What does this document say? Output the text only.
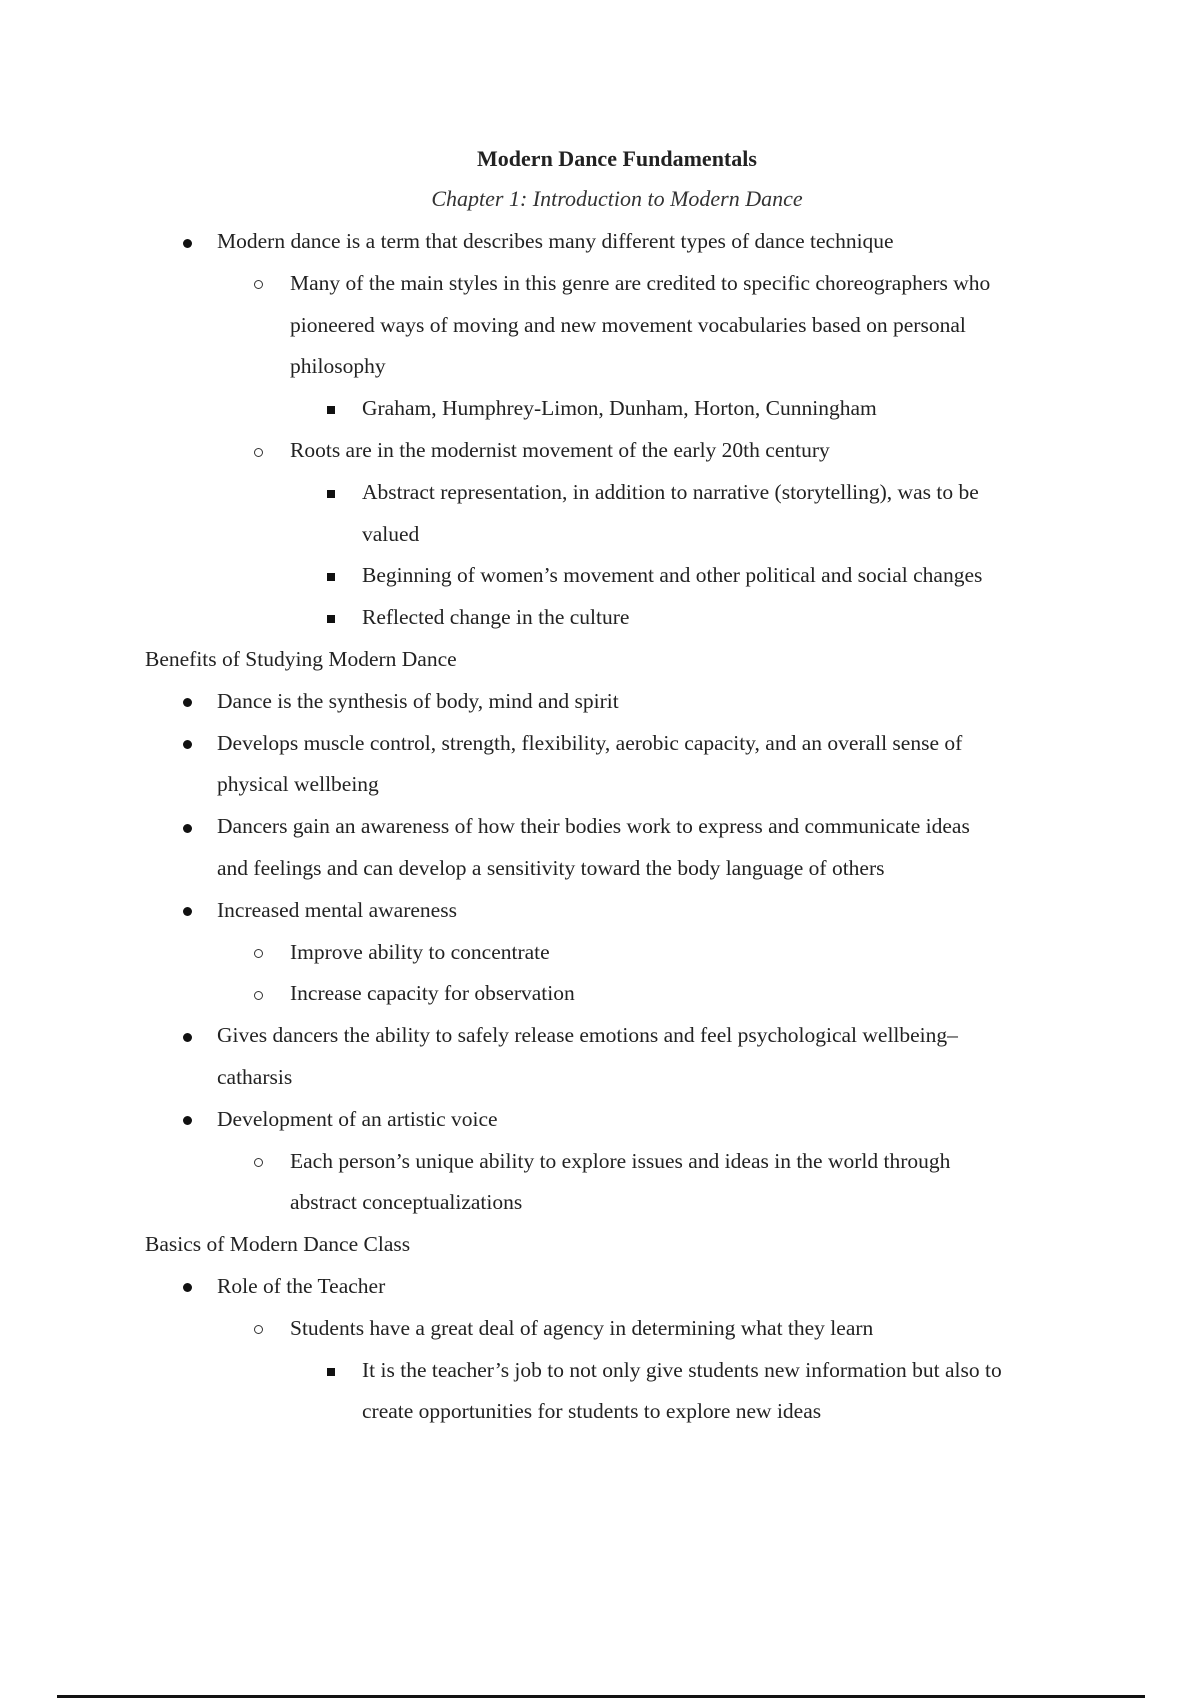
Modern Dance Fundamentals
Chapter 1: Introduction to Modern Dance
Modern dance is a term that describes many different types of dance technique
Many of the main styles in this genre are credited to specific choreographers who
pioneered ways of moving and new movement vocabularies based on personal
philosophy
Graham, Humphrey-Limon, Dunham, Horton, Cunningham
Roots are in the modernist movement of the early 20th century
Abstract representation, in addition to narrative (storytelling), was to be
valued
Beginning of women’s movement and other political and social changes
Reflected change in the culture
Benefits of Studying Modern Dance
Dance is the synthesis of body, mind and spirit
Develops muscle control, strength, flexibility, aerobic capacity, and an overall sense of
physical wellbeing
Dancers gain an awareness of how their bodies work to express and communicate ideas
and feelings and can develop a sensitivity toward the body language of others
Increased mental awareness
Improve ability to concentrate
Increase capacity for observation
Gives dancers the ability to safely release emotions and feel psychological wellbeing–
catharsis
Development of an artistic voice
Each person’s unique ability to explore issues and ideas in the world through
abstract conceptualizations
Basics of Modern Dance Class
Role of the Teacher
Students have a great deal of agency in determining what they learn
It is the teacher’s job to not only give students new information but also to
create opportunities for students to explore new ideas
